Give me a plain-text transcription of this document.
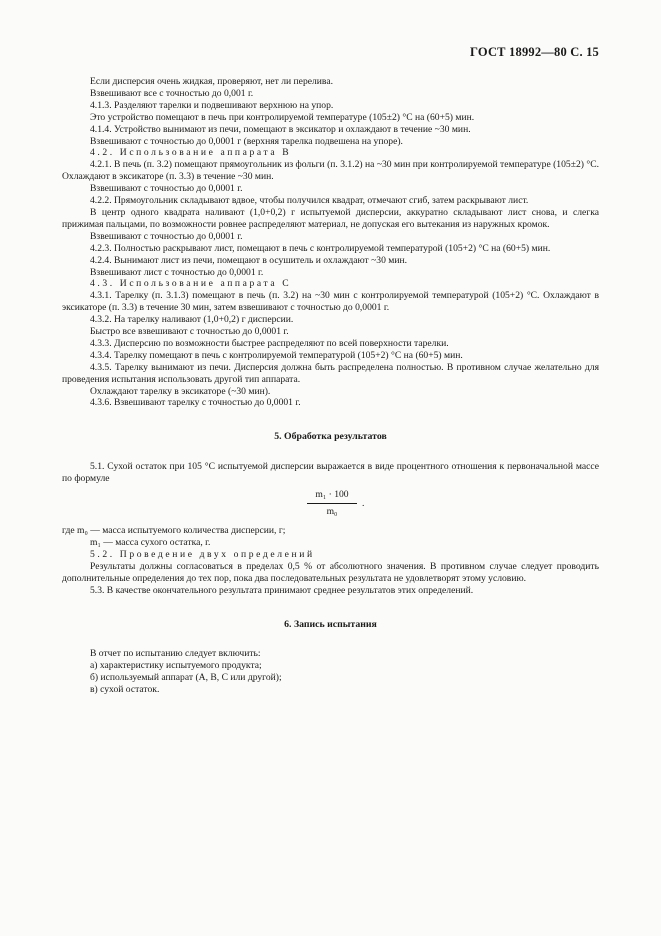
ГОСТ 18992—80 С. 15

Если дисперсия очень жидкая, проверяют, нет ли перелива.

Взвешивают все с точностью до 0,001 г.

4.1.3. Разделяют тарелки и подвешивают верхнюю на упор.

Это устройство помещают в печь при контролируемой температуре (105±2) °C на (60+5) мин.

4.1.4. Устройство вынимают из печи, помещают в эксикатор и охлаждают в течение ~30 мин.

Взвешивают с точностью до 0,0001 г (верхняя тарелка подвешена на упоре).

4.2. Использование аппарата В

4.2.1. В печь (п. 3.2) помещают прямоугольник из фольги (п. 3.1.2) на ~30 мин при контролируемой температуре (105±2) °C. Охлаждают в эксикаторе (п. 3.3) в течение ~30 мин.

Взвешивают с точностью до 0,0001 г.

4.2.2. Прямоугольник складывают вдвое, чтобы получился квадрат, отмечают сгиб, затем раскрывают лист.

В центр одного квадрата наливают (1,0+0,2) г испытуемой дисперсии, аккуратно складывают лист снова, и слегка прижимая пальцами, по возможности ровнее распределяют материал, не допуская его вытекания из наружных кромок.

Взвешивают с точностью до 0,0001 г.

4.2.3. Полностью раскрывают лист, помещают в печь с контролируемой температурой (105+2) °C на (60+5) мин.

4.2.4. Вынимают лист из печи, помещают в осушитель и охлаждают ~30 мин.

Взвешивают лист с точностью до 0,0001 г.

4.3. Использование аппарата С

4.3.1. Тарелку (п. 3.1.3) помещают в печь (п. 3.2) на ~30 мин с контролируемой температурой (105+2) °C. Охлаждают в эксикаторе (п. 3.3) в течение 30 мин, затем взвешивают с точностью до 0,0001 г.

4.3.2. На тарелку наливают (1,0+0,2) г дисперсии.

Быстро все взвешивают с точностью до 0,0001 г.

4.3.3. Дисперсию по возможности быстрее распределяют по всей поверхности тарелки.

4.3.4. Тарелку помещают в печь с контролируемой температурой (105+2) °C на (60+5) мин.

4.3.5. Тарелку вынимают из печи. Дисперсия должна быть распределена полностью. В противном случае желательно для проведения испытания использовать другой тип аппарата.

Охлаждают тарелку в эксикаторе (~30 мин).

4.3.6. Взвешивают тарелку с точностью до 0,0001 г.

5. Обработка результатов

5.1. Сухой остаток при 105 °C испытуемой дисперсии выражается в виде процентного отношения к первоначальной массе по формуле

$\frac{\text{m₁ · 100}}{\text{m₀}}$ .

где m₀ — масса испытуемого количества дисперсии, г;

m₁ — масса сухого остатка, г.

5.2. Проведение двух определений

Результаты должны согласоваться в пределах 0,5 % от абсолютного значения. В противном случае следует проводить дополнительные определения до тех пор, пока два последовательных результата не удовлетворят этому условию.

5.3. В качестве окончательного результата принимают среднее результатов этих определений.

6. Запись испытания

В отчет по испытанию следует включить:

а) характеристику испытуемого продукта;

б) используемый аппарат (А, В, С или другой);

в) сухой остаток.
